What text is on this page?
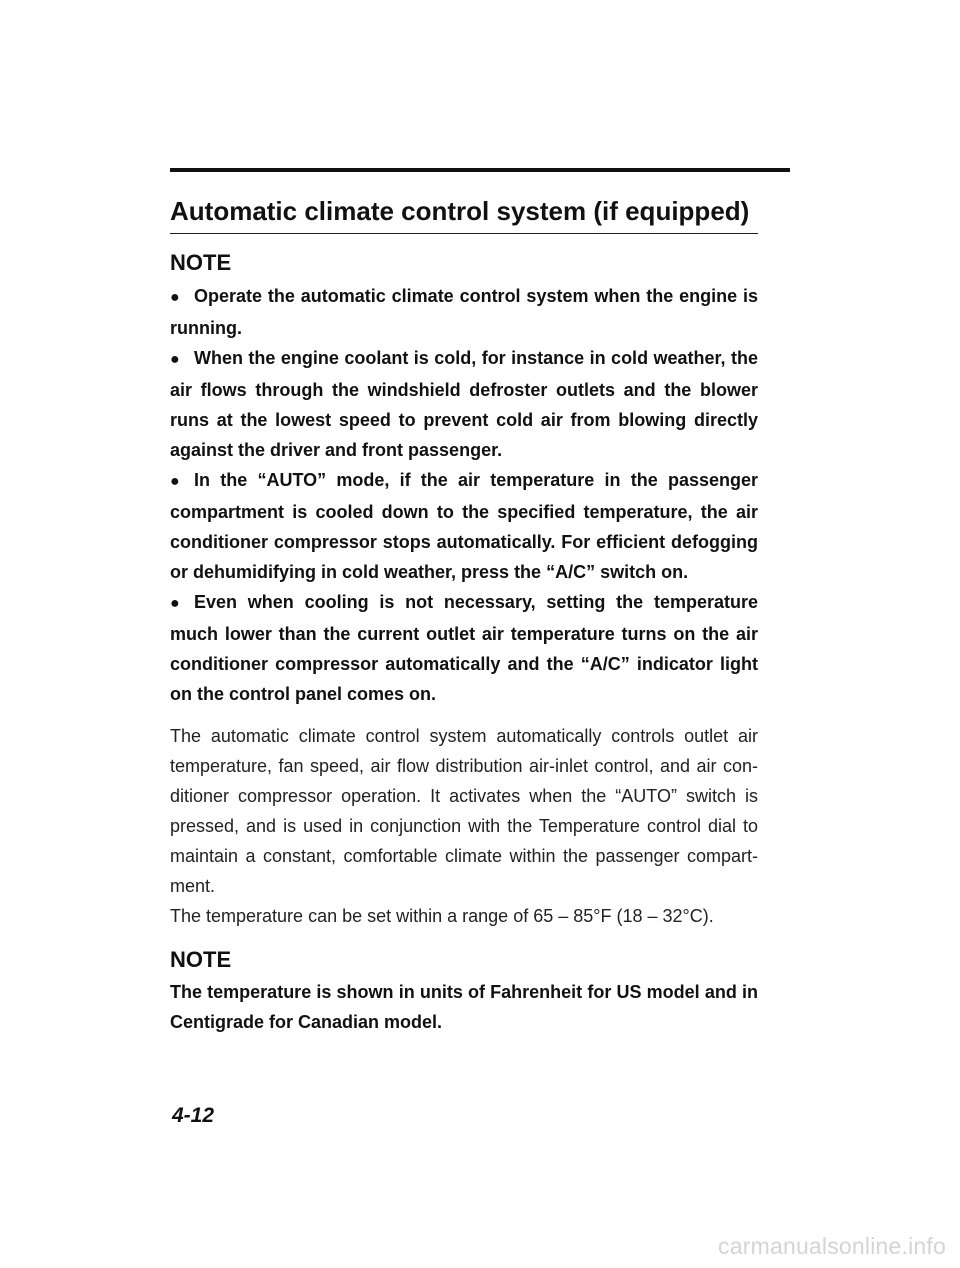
Automatic climate control system (if equipped)
NOTE
● Operate the automatic climate control system when the engine is running.
● When the engine coolant is cold, for instance in cold weather, the air flows through the windshield defroster outlets and the blower runs at the lowest speed to prevent cold air from blowing directly against the driver and front passenger.
● In the “AUTO” mode, if the air temperature in the passenger compartment is cooled down to the specified temperature, the air conditioner compressor stops automatically. For efficient defogging or dehumidifying in cold weather, press the “A/C” switch on.
● Even when cooling is not necessary, setting the temperature much lower than the current outlet air temperature turns on the air conditioner compressor automatically and the “A/C” indicator light on the control panel comes on.

The automatic climate control system automatically controls outlet air temperature, fan speed, air flow distribution air-inlet control, and air con-ditioner compressor operation. It activates when the “AUTO” switch is pressed, and is used in conjunction with the Temperature control dial to maintain a constant, comfortable climate within the passenger compart-ment.

The temperature can be set within a range of 65 – 85°F (18 – 32°C).

NOTE

The temperature is shown in units of Fahrenheit for US model and in Centigrade for Canadian model.

4-12

carmanualsonline.info
